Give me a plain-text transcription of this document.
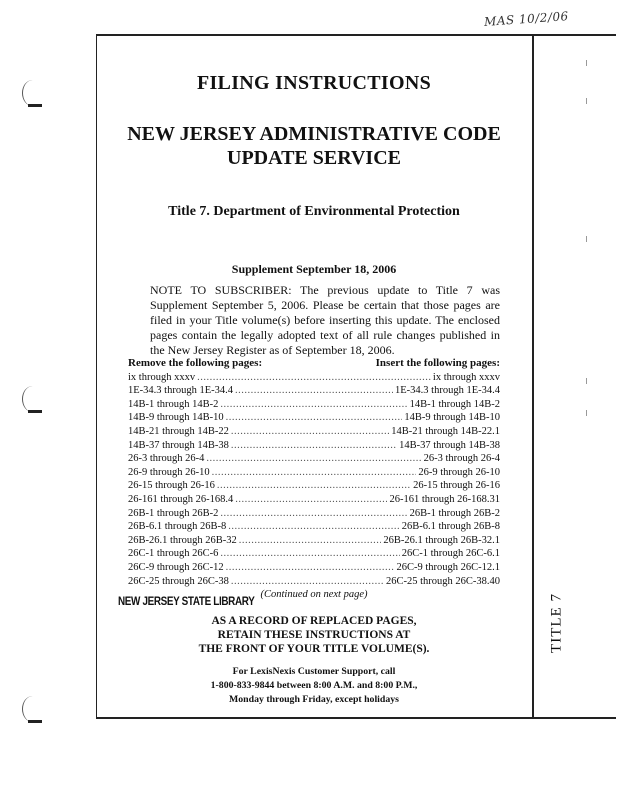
MAS 10/2/06
FILING INSTRUCTIONS
NEW JERSEY ADMINISTRATIVE CODE
UPDATE SERVICE
Title 7. Department of Environmental Protection
Supplement September 18, 2006
NOTE TO SUBSCRIBER: The previous update to Title 7 was Supplement September 5, 2006. Please be certain that those pages are filed in your Title volume(s) before inserting this update. The enclosed pages contain the legally adopted text of all rule changes published in the New Jersey Register as of September 18, 2006.
Remove the following pages:	Insert the following pages:
ix through xxxv .....	ix through xxxv
1E-34.3 through 1E-34.4 .....	1E-34.3 through 1E-34.4
14B-1 through 14B-2 .....	14B-1 through 14B-2
14B-9 through 14B-10 .....	14B-9 through 14B-10
14B-21 through 14B-22 .....	14B-21 through 14B-22.1
14B-37 through 14B-38 .....	14B-37 through 14B-38
26-3 through 26-4 .....	26-3 through 26-4
26-9 through 26-10 .....	26-9 through 26-10
26-15 through 26-16 .....	26-15 through 26-16
26-161 through 26-168.4 .....	26-161 through 26-168.31
26B-1 through 26B-2 .....	26B-1 through 26B-2
26B-6.1 through 26B-8 .....	26B-6.1 through 26B-8
26B-26.1 through 26B-32 .....	26B-26.1 through 26B-32.1
26C-1 through 26C-6 .....	26C-1 through 26C-6.1
26C-9 through 26C-12 .....	26C-9 through 26C-12.1
26C-25 through 26C-38 .....	26C-25 through 26C-38.40
(Continued on next page)
NEW JERSEY STATE LIBRARY
AS A RECORD OF REPLACED PAGES,
RETAIN THESE INSTRUCTIONS AT
THE FRONT OF YOUR TITLE VOLUME(S).
For LexisNexis Customer Support, call
1-800-833-9844 between 8:00 A.M. and 8:00 P.M.,
Monday through Friday, except holidays
TITLE 7
